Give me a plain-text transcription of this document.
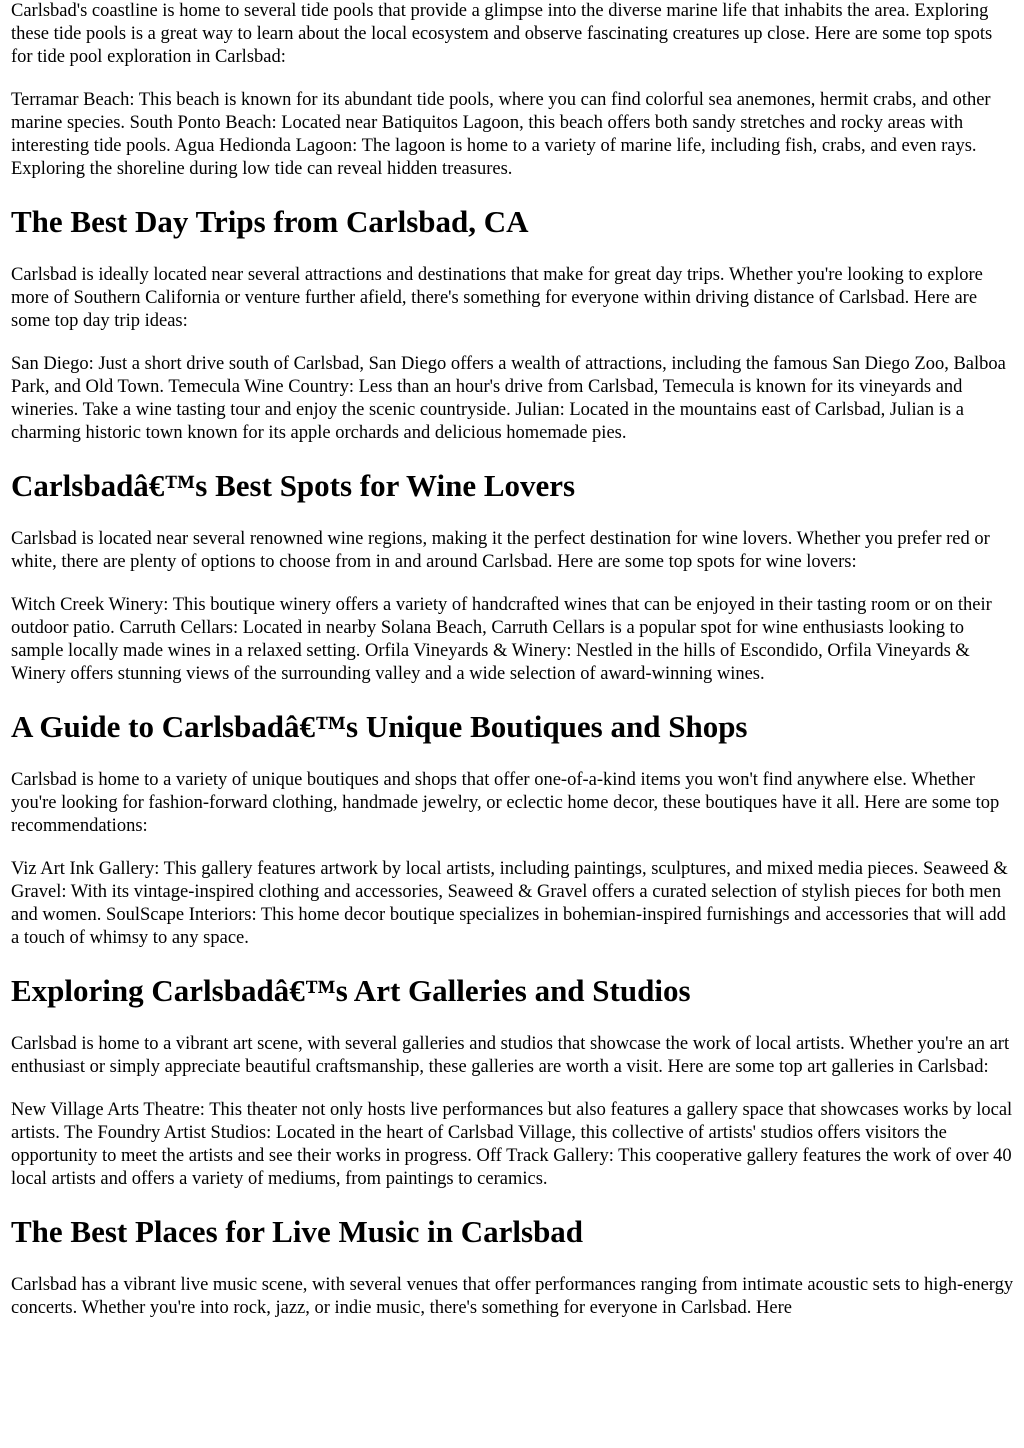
Carlsbad's coastline is home to several tide pools that provide a glimpse into the diverse marine life that inhabits the area. Exploring these tide pools is a great way to learn about the local ecosystem and observe fascinating creatures up close. Here are some top spots for tide pool exploration in Carlsbad:

Terramar Beach: This beach is known for its abundant tide pools, where you can find colorful sea anemones, hermit crabs, and other marine species. South Ponto Beach: Located near Batiquitos Lagoon, this beach offers both sandy stretches and rocky areas with interesting tide pools. Agua Hedionda Lagoon: The lagoon is home to a variety of marine life, including fish, crabs, and even rays. Exploring the shoreline during low tide can reveal hidden treasures.

The Best Day Trips from Carlsbad, CA

Carlsbad is ideally located near several attractions and destinations that make for great day trips. Whether you're looking to explore more of Southern California or venture further afield, there's something for everyone within driving distance of Carlsbad. Here are some top day trip ideas:

San Diego: Just a short drive south of Carlsbad, San Diego offers a wealth of attractions, including the famous San Diego Zoo, Balboa Park, and Old Town. Temecula Wine Country: Less than an hour's drive from Carlsbad, Temecula is known for its vineyards and wineries. Take a wine tasting tour and enjoy the scenic countryside. Julian: Located in the mountains east of Carlsbad, Julian is a charming historic town known for its apple orchards and delicious homemade pies.

Carlsbadâ€™s Best Spots for Wine Lovers

Carlsbad is located near several renowned wine regions, making it the perfect destination for wine lovers. Whether you prefer red or white, there are plenty of options to choose from in and around Carlsbad. Here are some top spots for wine lovers:

Witch Creek Winery: This boutique winery offers a variety of handcrafted wines that can be enjoyed in their tasting room or on their outdoor patio. Carruth Cellars: Located in nearby Solana Beach, Carruth Cellars is a popular spot for wine enthusiasts looking to sample locally made wines in a relaxed setting. Orfila Vineyards & Winery: Nestled in the hills of Escondido, Orfila Vineyards & Winery offers stunning views of the surrounding valley and a wide selection of award-winning wines.

A Guide to Carlsbadâ€™s Unique Boutiques and Shops

Carlsbad is home to a variety of unique boutiques and shops that offer one-of-a-kind items you won't find anywhere else. Whether you're looking for fashion-forward clothing, handmade jewelry, or eclectic home decor, these boutiques have it all. Here are some top recommendations:

Viz Art Ink Gallery: This gallery features artwork by local artists, including paintings, sculptures, and mixed media pieces. Seaweed & Gravel: With its vintage-inspired clothing and accessories, Seaweed & Gravel offers a curated selection of stylish pieces for both men and women. SoulScape Interiors: This home decor boutique specializes in bohemian-inspired furnishings and accessories that will add a touch of whimsy to any space.

Exploring Carlsbadâ€™s Art Galleries and Studios

Carlsbad is home to a vibrant art scene, with several galleries and studios that showcase the work of local artists. Whether you're an art enthusiast or simply appreciate beautiful craftsmanship, these galleries are worth a visit. Here are some top art galleries in Carlsbad:

New Village Arts Theatre: This theater not only hosts live performances but also features a gallery space that showcases works by local artists. The Foundry Artist Studios: Located in the heart of Carlsbad Village, this collective of artists' studios offers visitors the opportunity to meet the artists and see their works in progress. Off Track Gallery: This cooperative gallery features the work of over 40 local artists and offers a variety of mediums, from paintings to ceramics.

The Best Places for Live Music in Carlsbad

Carlsbad has a vibrant live music scene, with several venues that offer performances ranging from intimate acoustic sets to high-energy concerts. Whether you're into rock, jazz, or indie music, there's something for everyone in Carlsbad. Here
